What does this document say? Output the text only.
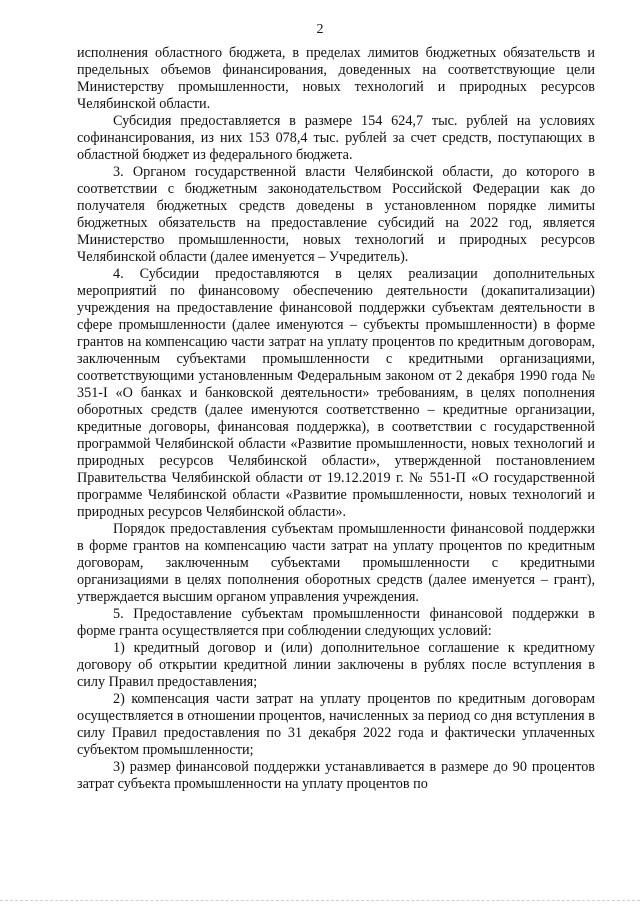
2

исполнения областного бюджета, в пределах лимитов бюджетных обязательств и предельных объемов финансирования, доведенных на соответствующие цели Министерству промышленности, новых технологий и природных ресурсов Челябинской области.

Субсидия предоставляется в размере 154 624,7 тыс. рублей на условиях софинансирования, из них 153 078,4 тыс. рублей за счет средств, поступающих в областной бюджет из федерального бюджета.

3. Органом государственной власти Челябинской области, до которого в соответствии с бюджетным законодательством Российской Федерации как до получателя бюджетных средств доведены в установленном порядке лимиты бюджетных обязательств на предоставление субсидий на 2022 год, является Министерство промышленности, новых технологий и природных ресурсов Челябинской области (далее именуется – Учредитель).

4. Субсидии предоставляются в целях реализации дополнительных мероприятий по финансовому обеспечению деятельности (докапитализации) учреждения на предоставление финансовой поддержки субъектам деятельности в сфере промышленности (далее именуются – субъекты промышленности) в форме грантов на компенсацию части затрат на уплату процентов по кредитным договорам, заключенным субъектами промышленности с кредитными организациями, соответствующими установленным Федеральным законом от 2 декабря 1990 года № 351-I «О банках и банковской деятельности» требованиям, в целях пополнения оборотных средств (далее именуются соответственно – кредитные организации, кредитные договоры, финансовая поддержка), в соответствии с государственной программой Челябинской области «Развитие промышленности, новых технологий и природных ресурсов Челябинской области», утвержденной постановлением Правительства Челябинской области от 19.12.2019 г. № 551-П «О государственной программе Челябинской области «Развитие промышленности, новых технологий и природных ресурсов Челябинской области».

Порядок предоставления субъектам промышленности финансовой поддержки в форме грантов на компенсацию части затрат на уплату процентов по кредитным договорам, заключенным субъектами промышленности с кредитными организациями в целях пополнения оборотных средств (далее именуется – грант), утверждается высшим органом управления учреждения.

5. Предоставление субъектам промышленности финансовой поддержки в форме гранта осуществляется при соблюдении следующих условий:

1) кредитный договор и (или) дополнительное соглашение к кредитному договору об открытии кредитной линии заключены в рублях после вступления в силу Правил предоставления;

2) компенсация части затрат на уплату процентов по кредитным договорам осуществляется в отношении процентов, начисленных за период со дня вступления в силу Правил предоставления по 31 декабря 2022 года и фактически уплаченных субъектом промышленности;

3) размер финансовой поддержки устанавливается в размере до 90 процентов затрат субъекта промышленности на уплату процентов по
